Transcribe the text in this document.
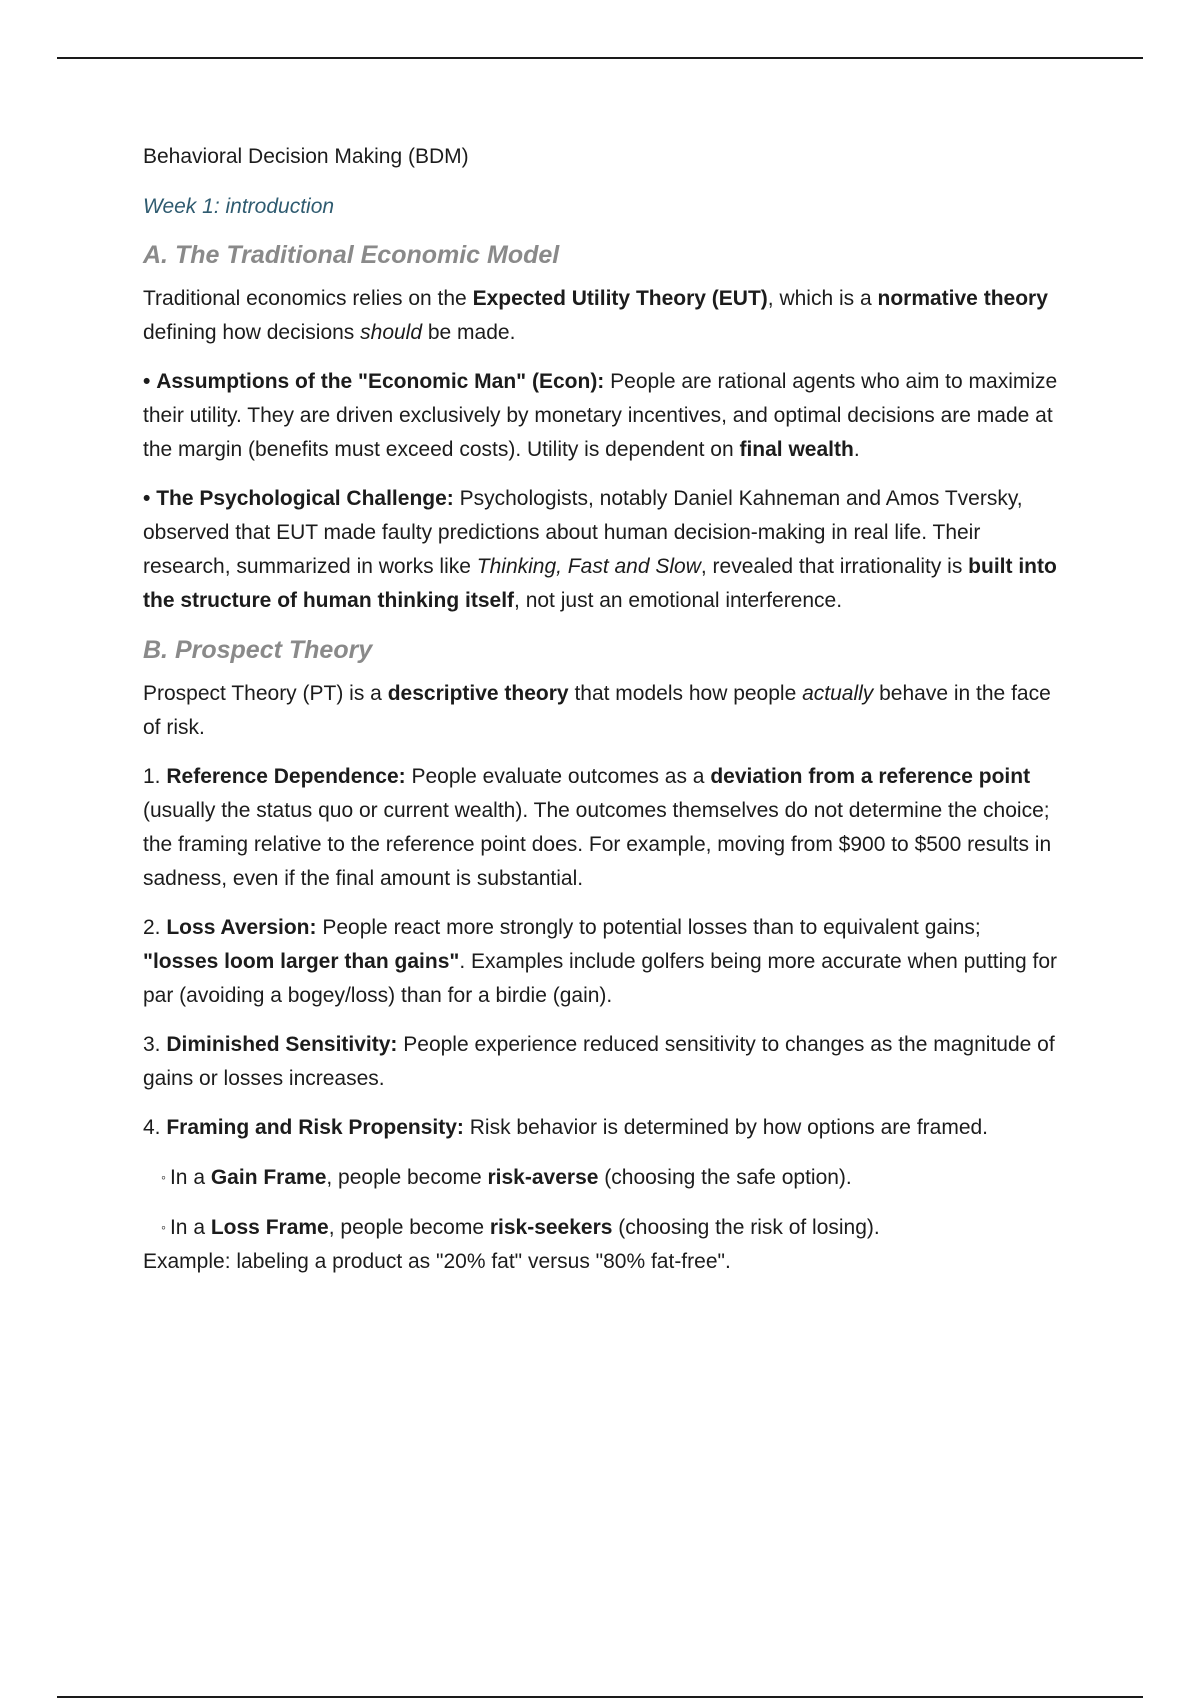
Behavioral Decision Making (BDM)

Week 1: introduction

A. The Traditional Economic Model

Traditional economics relies on the Expected Utility Theory (EUT), which is a normative theory defining how decisions should be made.

• Assumptions of the "Economic Man" (Econ): People are rational agents who aim to maximize their utility. They are driven exclusively by monetary incentives, and optimal decisions are made at the margin (benefits must exceed costs). Utility is dependent on final wealth.

• The Psychological Challenge: Psychologists, notably Daniel Kahneman and Amos Tversky, observed that EUT made faulty predictions about human decision-making in real life. Their research, summarized in works like Thinking, Fast and Slow, revealed that irrationality is built into the structure of human thinking itself, not just an emotional interference.

B. Prospect Theory

Prospect Theory (PT) is a descriptive theory that models how people actually behave in the face of risk.

1. Reference Dependence: People evaluate outcomes as a deviation from a reference point (usually the status quo or current wealth). The outcomes themselves do not determine the choice; the framing relative to the reference point does. For example, moving from $900 to $500 results in sadness, even if the final amount is substantial.

2. Loss Aversion: People react more strongly to potential losses than to equivalent gains; "losses loom larger than gains". Examples include golfers being more accurate when putting for par (avoiding a bogey/loss) than for a birdie (gain).

3. Diminished Sensitivity: People experience reduced sensitivity to changes as the magnitude of gains or losses increases.

4. Framing and Risk Propensity: Risk behavior is determined by how options are framed.

◦ In a Gain Frame, people become risk-averse (choosing the safe option).

◦ In a Loss Frame, people become risk-seekers (choosing the risk of losing).

Example: labeling a product as "20% fat" versus "80% fat-free".
